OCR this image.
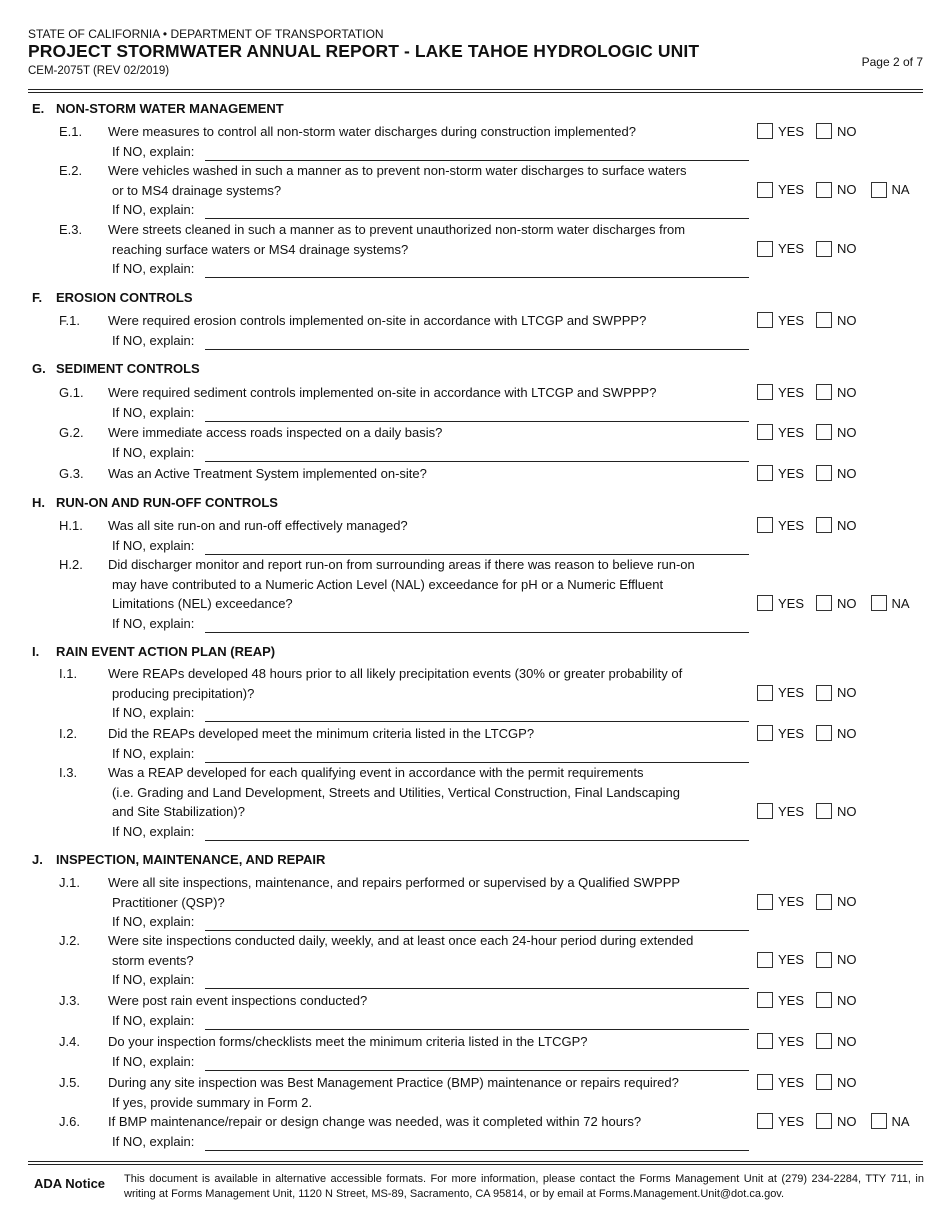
STATE OF CALIFORNIA • DEPARTMENT OF TRANSPORTATION
PROJECT STORMWATER ANNUAL REPORT - LAKE TAHOE HYDROLOGIC UNIT
CEM-2075T (REV 02/2019)
Page 2 of 7
E. NON-STORM WATER MANAGEMENT
E.1. Were measures to control all non-storm water discharges during construction implemented?
If NO, explain:
YES	NO
E.2. Were vehicles washed in such a manner as to prevent non-storm water discharges to surface waters
or to MS4 drainage systems?
If NO, explain:
YES	NO	NA
E.3. Were streets cleaned in such a manner as to prevent unauthorized non-storm water discharges from
reaching surface waters or MS4 drainage systems?
If NO, explain:
YES	NO
F. EROSION CONTROLS
F.1. Were required erosion controls implemented on-site in accordance with LTCGP and SWPPP?
If NO, explain:
YES	NO
G. SEDIMENT CONTROLS
G.1. Were required sediment controls implemented on-site in accordance with LTCGP and SWPPP?
If NO, explain:
YES	NO
G.2. Were immediate access roads inspected on a daily basis?
If NO, explain:
YES	NO
G.3. Was an Active Treatment System implemented on-site?	YES	NO
H. RUN-ON AND RUN-OFF CONTROLS
H.1. Was all site run-on and run-off effectively managed?
If NO, explain:
YES	NO
H.2. Did discharger monitor and report run-on from surrounding areas if there was reason to believe run-on
may have contributed to a Numeric Action Level (NAL) exceedance for pH or a Numeric Effluent
Limitations (NEL) exceedance?
If NO, explain:
YES	NO	NA
I. RAIN EVENT ACTION PLAN (REAP)
I.1. Were REAPs developed 48 hours prior to all likely precipitation events (30% or greater probability of
producing precipitation)?
If NO, explain:
YES	NO
I.2. Did the REAPs developed meet the minimum criteria listed in the LTCGP?
If NO, explain:
YES	NO
I.3. Was a REAP developed for each qualifying event in accordance with the permit requirements
(i.e. Grading and Land Development, Streets and Utilities, Vertical Construction, Final Landscaping
and Site Stabilization)?
If NO, explain:
YES	NO
J. INSPECTION, MAINTENANCE, AND REPAIR
J.1. Were all site inspections, maintenance, and repairs performed or supervised by a Qualified SWPPP
Practitioner (QSP)?
If NO, explain:
YES	NO
J.2. Were site inspections conducted daily, weekly, and at least once each 24-hour period during extended
storm events?
If NO, explain:
YES	NO
J.3. Were post rain event inspections conducted?
If NO, explain:
YES	NO
J.4. Do your inspection forms/checklists meet the minimum criteria listed in the LTCGP?
If NO, explain:
YES	NO
J.5. During any site inspection was Best Management Practice (BMP) maintenance or repairs required?
If yes, provide summary in Form 2.
YES	NO
J.6. If BMP maintenance/repair or design change was needed, was it completed within 72 hours?
If NO, explain:
YES	NO	NA
ADA Notice This document is available in alternative accessible formats. For more information, please contact the Forms Management Unit at (279) 234-2284, TTY 711, in writing at Forms Management Unit, 1120 N Street, MS-89, Sacramento, CA 95814, or by email at Forms.Management.Unit@dot.ca.gov.
